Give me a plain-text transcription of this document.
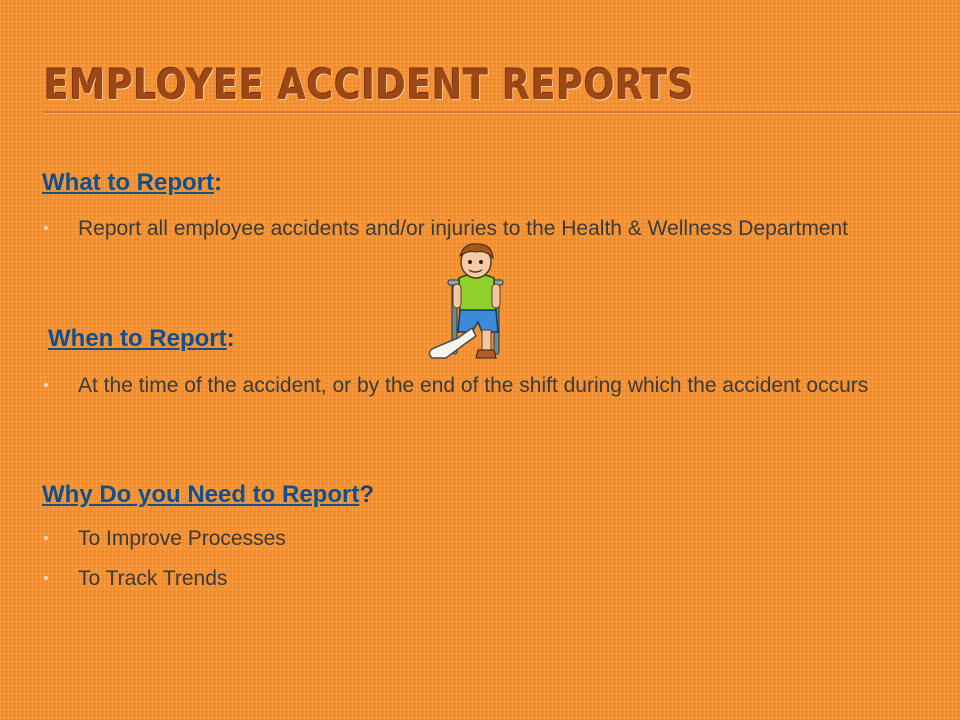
EMPLOYEE ACCIDENT REPORTS

What to Report:

Report all employee accidents and/or injuries to the Health & Wellness Department

When to Report:

At the time of the accident, or by the end of the shift during which the accident occurs

Why Do you Need to Report?

To Improve Processes
To Track Trends
